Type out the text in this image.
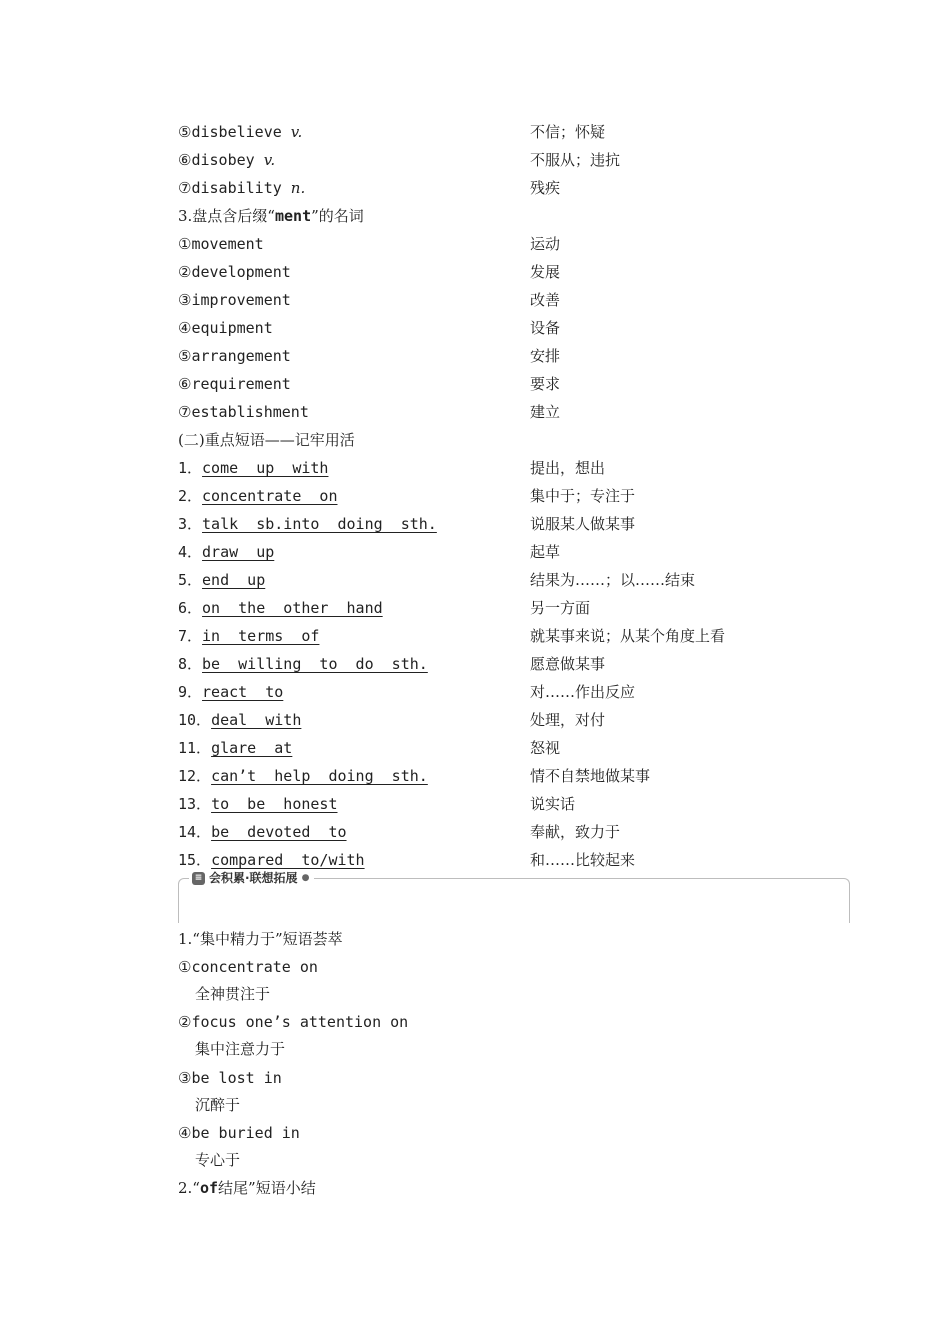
⑤disbelieve v.	不信；怀疑
⑥disobey v.	不服从；违抗
⑦disability n.	残疾
3.盘点含后缀“ment”的名词
①movement	运动
②development	发展
③improvement	改善
④equipment	设备
⑤arrangement	安排
⑥requirement	要求
⑦establishment	建立
(二)重点短语——记牢用活
1．come  up  with	提出，想出
2．concentrate  on	集中于；专注于
3．talk  sb.into  doing  sth.	说服某人做某事
4．draw  up	起草
5．end  up	结果为……；以……结束
6．on  the  other  hand	另一方面
7．in  terms  of	就某事来说；从某个角度上看
8．be  willing  to  do  sth.	愿意做某事
9．react  to	对……作出反应
10．deal  with	处理，对付
11．glare  at	怒视
12．can’t  help  doing  sth.	情不自禁地做某事
13．to  be  honest	说实话
14．be  devoted  to	奉献，致力于
15．compared  to/with	和……比较起来
≡ 会积累·联想拓展 ●
1.“集中精力于”短语荟萃
①concentrate on
全神贯注于
②focus one’s attention on
集中注意力于
③be lost in
沉醉于
④be buried in
专心于
2.“of结尾”短语小结
